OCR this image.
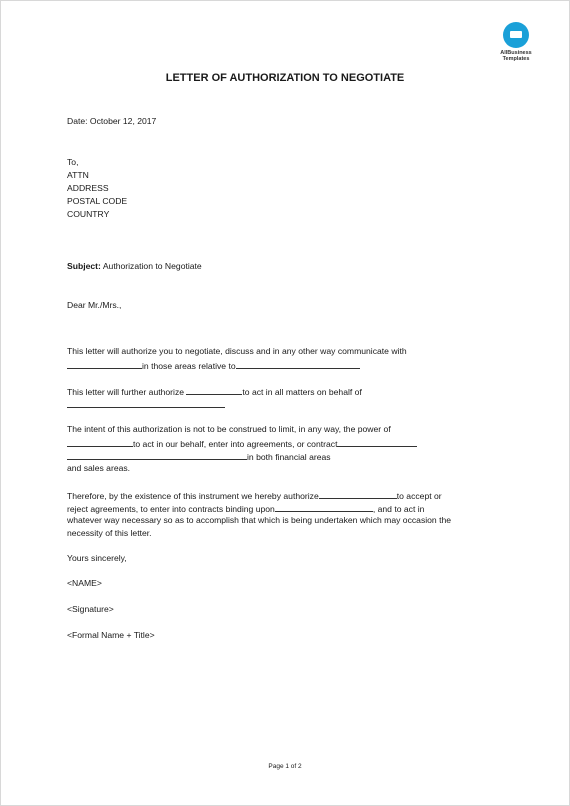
AllBusiness
Templates
LETTER OF AUTHORIZATION TO NEGOTIATE
Date: October 12, 2017
To,
ATTN
ADDRESS
POSTAL CODE
COUNTRY
Subject: Authorization to Negotiate
Dear Mr./Mrs.,
This letter will authorize you to negotiate, discuss and in any other way communicate with
in those areas relative to
This letter will further authorize	to act in all matters on behalf of
The intent of this authorization is not to be construed to limit, in any way, the power of
to act in our behalf, enter into agreements, or contract
in both financial areas
and sales areas.
Therefore, by the existence of this instrument we hereby authorize	to accept or
reject agreements, to enter into contracts binding upon	, and to act in
whatever way necessary so as to accomplish that which is being undertaken which may occasion the
necessity of this letter.
Yours sincerely,
<NAME>
<Signature>
<Formal Name + Title>
Page 1 of 2
